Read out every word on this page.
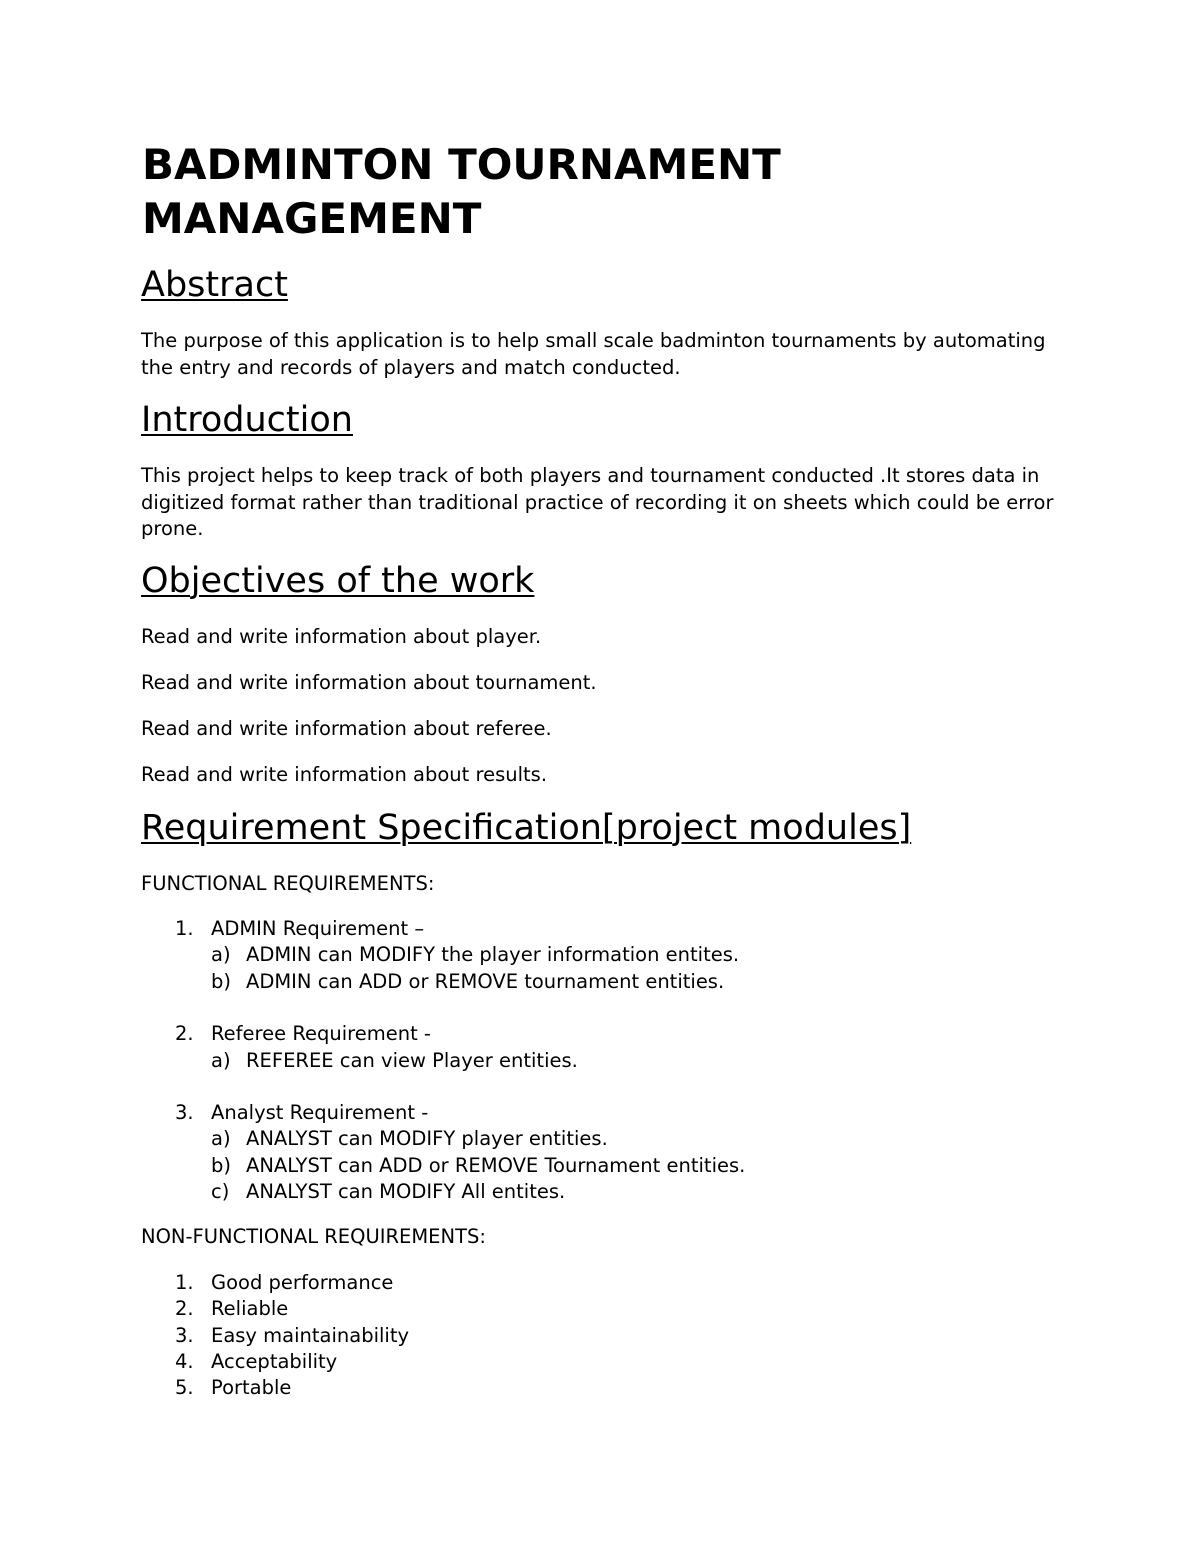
BADMINTON TOURNAMENT MANAGEMENT
Abstract

The purpose of this application is to help small scale badminton tournaments by automating the entry and records of players and match conducted.

Introduction

This project helps to keep track of both players and tournament conducted .It stores data in digitized format rather than traditional practice of recording it on sheets which could be error prone.

Objectives of the work

Read and write information about player.

Read and write information about tournament.

Read and write information about referee.

Read and write information about results.

Requirement Specification[project modules]

FUNCTIONAL REQUIREMENTS:

1. ADMIN Requirement –
a) ADMIN can MODIFY the player information entites.
b) ADMIN can ADD or REMOVE tournament entities.
2. Referee Requirement -
a) REFEREE can view Player entities.
3. Analyst Requirement -
a) ANALYST can MODIFY player entities.
b) ANALYST can ADD or REMOVE Tournament entities.
c) ANALYST can MODIFY All entites.

NON-FUNCTIONAL REQUIREMENTS:

1. Good performance
2. Reliable
3. Easy maintainability
4. Acceptability
5. Portable
